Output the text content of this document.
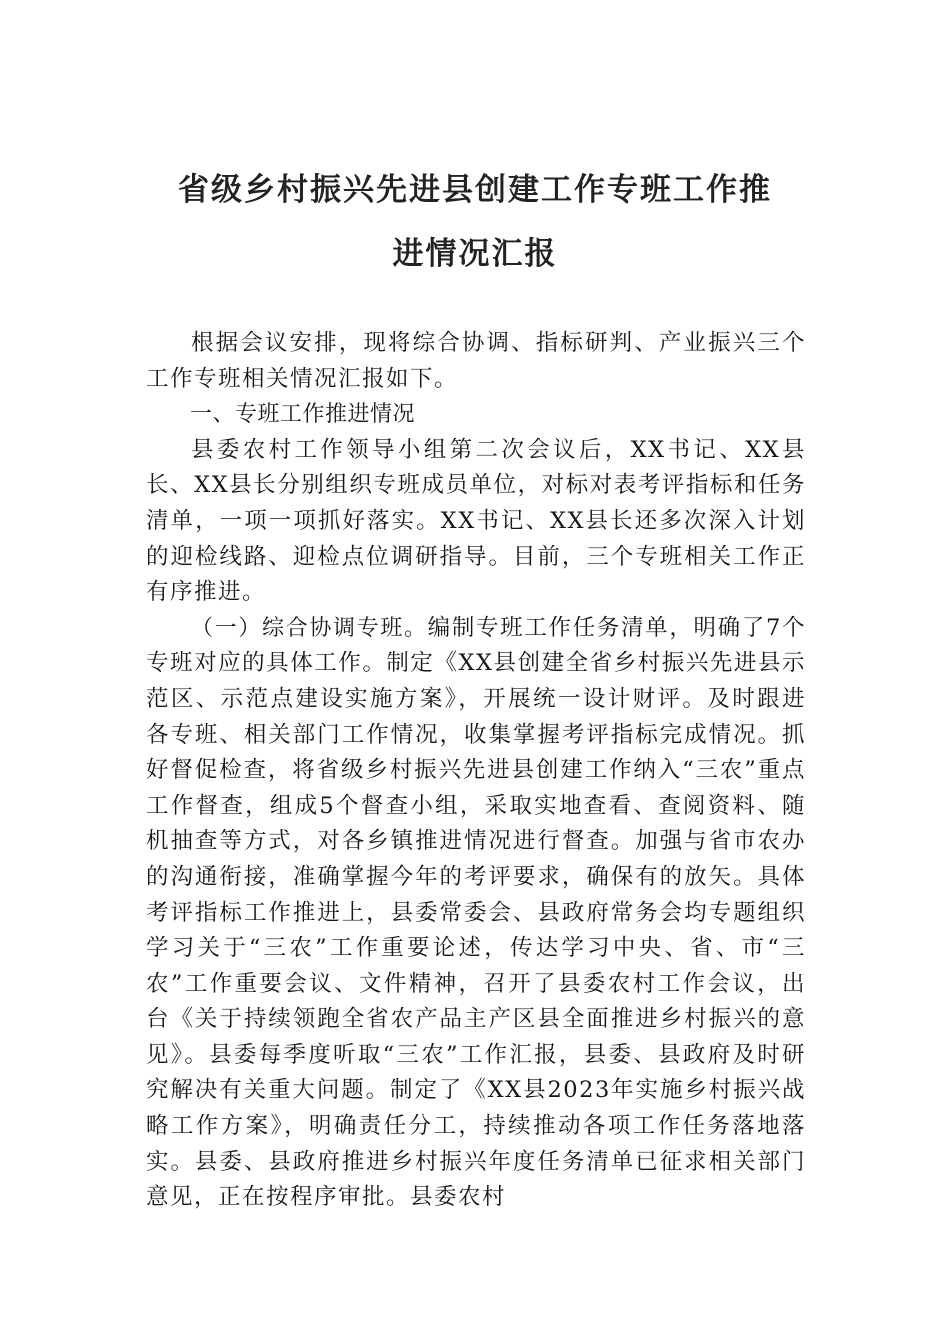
省级乡村振兴先进县创建工作专班工作推
进情况汇报

根据会议安排，现将综合协调、指标研判、产业振兴三个工作专班相关情况汇报如下。

一、专班工作推进情况

县委农村工作领导小组第二次会议后，XX书记、XX县长、XX县长分别组织专班成员单位，对标对表考评指标和任务清单，一项一项抓好落实。XX书记、XX县长还多次深入计划的迎检线路、迎检点位调研指导。目前，三个专班相关工作正有序推进。

（一）综合协调专班。编制专班工作任务清单，明确了7个专班对应的具体工作。制定《XX县创建全省乡村振兴先进县示范区、示范点建设实施方案》，开展统一设计财评。及时跟进各专班、相关部门工作情况，收集掌握考评指标完成情况。抓好督促检查，将省级乡村振兴先进县创建工作纳入“三农”重点工作督查，组成5个督查小组，采取实地查看、查阅资料、随机抽查等方式，对各乡镇推进情况进行督查。加强与省市农办的沟通衔接，准确掌握今年的考评要求，确保有的放矢。具体考评指标工作推进上，县委常委会、县政府常务会均专题组织学习关于“三农”工作重要论述，传达学习中央、省、市“三农”工作重要会议、文件精神，召开了县委农村工作会议，出台《关于持续领跑全省农产品主产区县全面推进乡村振兴的意见》。县委每季度听取“三农”工作汇报，县委、县政府及时研究解决有关重大问题。制定了《XX县2023年实施乡村振兴战略工作方案》，明确责任分工，持续推动各项工作任务落地落实。县委、县政府推进乡村振兴年度任务清单已征求相关部门意见，正在按程序审批。县委农村
